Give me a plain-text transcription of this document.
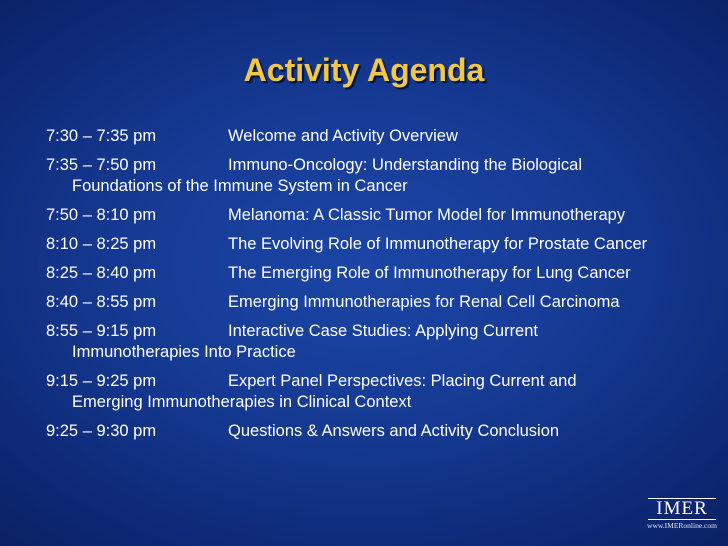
Activity Agenda
7:30 – 7:35 pm	Welcome and Activity Overview
7:35 – 7:50 pm	Immuno-Oncology: Understanding the Biological
Foundations of the Immune System in Cancer
7:50 – 8:10 pm	Melanoma: A Classic Tumor Model for Immunotherapy
8:10 – 8:25 pm	The Evolving Role of Immunotherapy for Prostate Cancer
8:25 – 8:40 pm	The Emerging Role of Immunotherapy for Lung Cancer
8:40 – 8:55 pm	Emerging Immunotherapies for Renal Cell Carcinoma
8:55 – 9:15 pm	Interactive Case Studies: Applying Current
Immunotherapies Into Practice
9:15 – 9:25 pm	Expert Panel Perspectives: Placing Current and
Emerging Immunotherapies in Clinical Context
9:25 – 9:30 pm	Questions & Answers and Activity Conclusion
IMER
www.IMERonline.com
